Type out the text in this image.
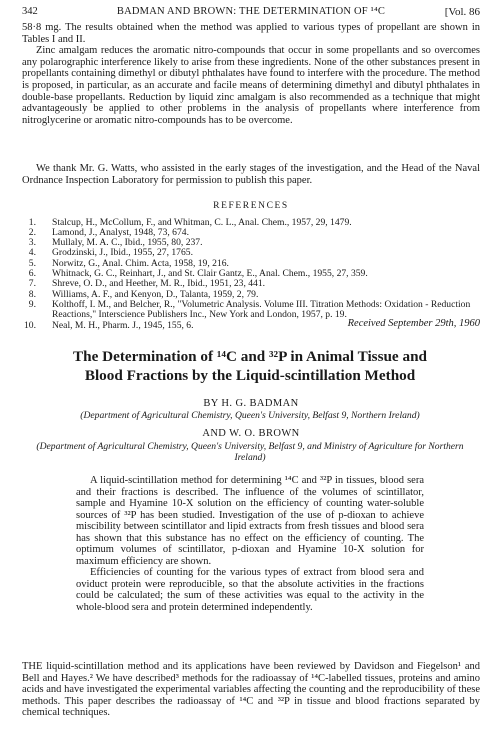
342	BADMAN AND BROWN: THE DETERMINATION OF ¹⁴C	[Vol. 86

58·8 mg. The results obtained when the method was applied to various types of propellant are shown in Tables I and II.

Zinc amalgam reduces the aromatic nitro-compounds that occur in some propellants and so overcomes any polarographic interference likely to arise from these ingredients. None of the other substances present in propellants containing dimethyl or dibutyl phthalates have found to interfere with the procedure. The method is proposed, in particular, as an accurate and facile means of determining dimethyl and dibutyl phthalates in double-base propellants. Reduction by liquid zinc amalgam is also recommended as a technique that might advantageously be applied to other problems in the analysis of propellants where interference from nitroglycerine or aromatic nitro-compounds has to be overcome.

We thank Mr. G. Watts, who assisted in the early stages of the investigation, and the Head of the Naval Ordnance Inspection Laboratory for permission to publish this paper.

REFERENCES

1. Stalcup, H., McCollum, F., and Whitman, C. L., Anal. Chem., 1957, 29, 1479.
2. Lamond, J., Analyst, 1948, 73, 674.
3. Mullaly, M. A. C., Ibid., 1955, 80, 237.
4. Grodzinski, J., Ibid., 1955, 27, 1765.
5. Norwitz, G., Anal. Chim. Acta, 1958, 19, 216.
6. Whitnack, G. C., Reinhart, J., and St. Clair Gantz, E., Anal. Chem., 1955, 27, 359.
7. Shreve, O. D., and Heether, M. R., Ibid., 1951, 23, 441.
8. Williams, A. F., and Kenyon, D., Talanta, 1959, 2, 79.
9. Kolthoff, I. M., and Belcher, R., "Volumetric Analysis. Volume III. Titration Methods: Oxidation - Reduction Reactions," Interscience Publishers Inc., New York and London, 1957, p. 19.
10. Neal, M. H., Pharm. J., 1945, 155, 6.	Received September 29th, 1960
The Determination of ¹⁴C and ³²P in Animal Tissue and
Blood Fractions by the Liquid-scintillation Method
BY H. G. BADMAN
(Department of Agricultural Chemistry, Queen's University, Belfast 9, Northern Ireland)
AND W. O. BROWN
(Department of Agricultural Chemistry, Queen's University, Belfast 9, and Ministry of Agriculture for Northern Ireland)

A liquid-scintillation method for determining ¹⁴C and ³²P in tissues, blood sera and their fractions is described. The influence of the volumes of scintillator, sample and Hyamine 10-X solution on the efficiency of counting water-soluble sources of ³²P has been studied. Investigation of the use of p-dioxan to achieve miscibility between scintillator and lipid extracts from fresh tissues and blood sera has shown that this substance has no effect on the efficiency of counting. The optimum volumes of scintillator, p-dioxan and Hyamine 10-X solution for maximum efficiency are shown.

Efficiencies of counting for the various types of extract from blood sera and oviduct protein were reproducible, so that the absolute activities in the fractions could be calculated; the sum of these activities was equal to the activity in the whole-blood sera and protein determined independently.

THE liquid-scintillation method and its applications have been reviewed by Davidson and Fiegelson¹ and Bell and Hayes.² We have described³ methods for the radioassay of ¹⁴C-labelled tissues, proteins and amino acids and have investigated the experimental variables affecting the counting and the reproducibility of these methods. This paper describes the radioassay of ¹⁴C and ³²P in tissue and blood fractions separated by chemical techniques.
